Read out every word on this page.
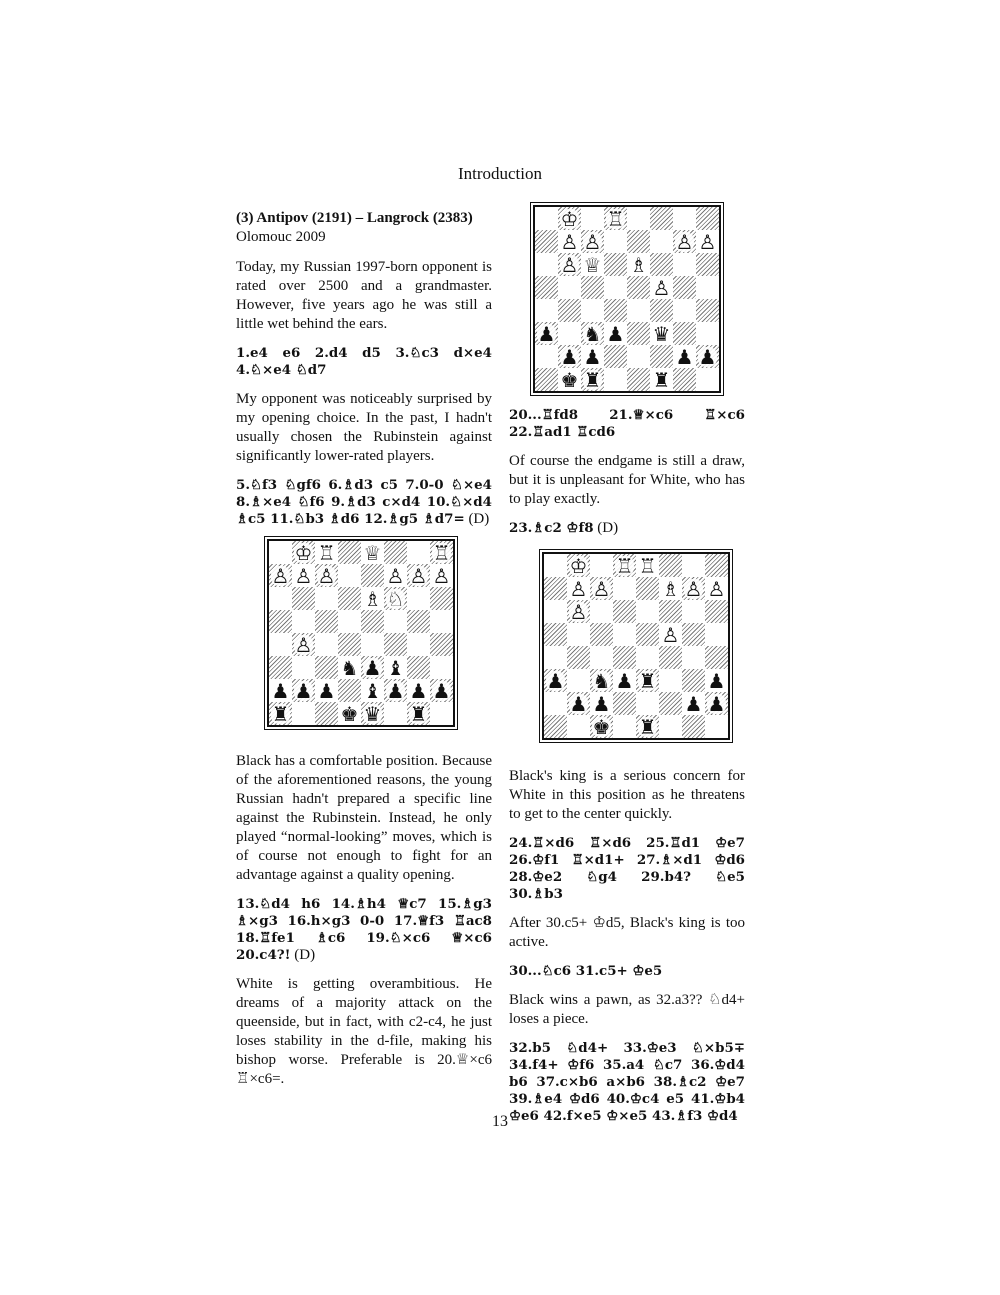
Introduction

(3) Antipov (2191) – Langrock (2383)

Olomouc 2009

Today, my Russian 1997-born opponent is rated over 2500 and a grandmaster. However, five years ago he was still a little wet behind the ears.

1.e4 e6 2.d4 d5 3.♘c3 d×e4 4.♘×e4 ♘d7

My opponent was noticeably surprised by my opening choice. In the past, I hadn't usually chosen the Rubinstein against significantly lower-rated players.

5.♘f3 ♘gf6 6.♗d3 c5 7.0-0 ♘×e4 8.♗×e4 ♘f6 9.♗d3 c×d4 10.♘×d4 ♗c5 11.♘b3 ♗d6 12.♗g5 ♗d7= (D)

Black has a comfortable position. Because of the aforementioned reasons, the young Russian hadn't prepared a specific line against the Rubinstein. Instead, he only played “normal-looking” moves, which is of course not enough to fight for an advantage against a quality opening.

13.♘d4 h6 14.♗h4 ♕c7 15.♗g3 ♗×g3 16.h×g3 0-0 17.♕f3 ♖ac8 18.♖fe1 ♗c6 19.♘×c6 ♕×c6 20.c4?! (D)

White is getting overambitious. He dreams of a majority attack on the queenside, but in fact, with c2-c4, he just loses stability in the d-file, making his bishop worse. Preferable is 20.♕×c6 ♖×c6=.

20...♖fd8 21.♕×c6 ♖×c6 22.♖ad1 ♖cd6

Of course the endgame is still a draw, but it is unpleasant for White, who has to play exactly.

23.♗c2 ♔f8 (D)

Black's king is a serious concern for White in this position as he threatens to get to the center quickly.

24.♖×d6 ♖×d6 25.♖d1 ♔e7 26.♔f1 ♖×d1+ 27.♗×d1 ♔d6 28.♔e2 ♘g4 29.b4? ♘e5 30.♗b3

After 30.c5+ ♔d5, Black's king is too active.

30...♘c6 31.c5+ ♔e5

Black wins a pawn, as 32.a3?? ♘d4+ loses a piece.

32.b5 ♘d4+ 33.♔e3 ♘×b5∓ 34.f4+ ♔f6 35.a4 ♘c7 36.♔d4 b6 37.c×b6 a×b6 38.♗c2 ♔e7 39.♗e4 ♔d6 40.♔c4 e5 41.♔b4 ♔e6 42.f×e5 ♔×e5 43.♗f3 ♔d4

♔ ♖
♙ ♙	♙ ♙
♙ ♕ ♗
♙
♟ ♞ ♟ ♛
♟ ♟	♟ ♟
♚ ♜	♜
♔ ♖ ♕	♖
♙ ♙ ♙	♙ ♙ ♙
♗ ♘
♙
♞ ♟ ♝
♟ ♟ ♟ ♝ ♟ ♟ ♟
♜	♚ ♛ ♜
♔ ♖ ♖
♙ ♙	♗ ♙ ♙
♙
♙
♟ ♞ ♟ ♜	♟
♟ ♟	♟ ♟
♚ ♜
13
